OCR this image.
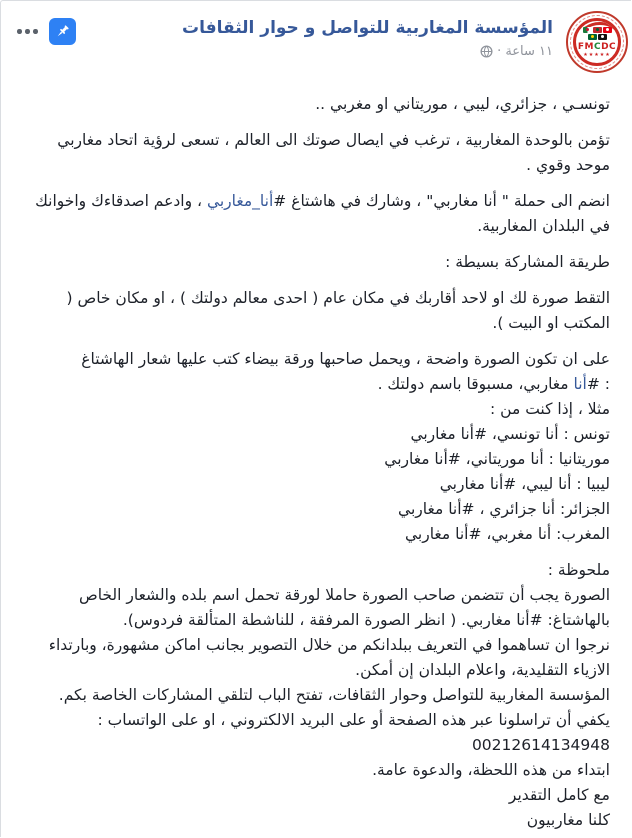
FMCDC
★★★★★
المؤسسة المغاربية للتواصل و حوار الثقافات
١١ ساعة
·
تونسـي ، جزائري، ليبي ، موريتاني او مغربي ..
تؤمن بالوحدة المغاربية ، ترغب في ايصال صوتك الى العالم ، تسعى لرؤية اتحاد مغاربي موحد وقوي .
انضم الى حملة " أنا مغاربي" ، وشارك في هاشتاغ #أنا_مغاربي ، وادعم اصدقاءك واخوانك في البلدان المغاربية.
طريقة المشاركة بسيطة :
التقط صورة لك او لاحد أقاربك في مكان عام ( احدى معالم دولتك ) ، او مكان خاص ( المكتب او البيت ).
على ان تكون الصورة واضحة ، ويحمل صاحبها ورقة بيضاء كتب عليها شعار الهاشتاغ
: #أنا مغاربي، مسبوقا باسم دولتك .
مثلا ، إذا كنت من :
تونس : أنا تونسي، #أنا مغاربي
موريتانيا : أنا موريتاني، #أنا مغاربي
ليبيا : أنا ليبي، #أنا مغاربي
الجزائر: أنا جزائري ، #أنا مغاربي
المغرب: أنا مغربي، #أنا مغاربي
ملحوظة :
الصورة يجب أن تتضمن صاحب الصورة حاملا لورقة تحمل اسم بلده والشعار الخاص بالهاشتاغ: #أنا مغاربي. ( انظر الصورة المرفقة ، للناشطة المتألقة فردوس).
نرجوا ان تساهموا في التعريف ببلدانكم من خلال التصوير بجانب اماكن مشهورة، وبارتداء الازياء التقليدية، واعلام البلدان إن أمكن.
المؤسسة المغاربية للتواصل وحوار الثقافات، تفتح الباب لتلقي المشاركات الخاصة بكم.
يكفي أن تراسلونا عبر هذه الصفحة أو على البريد الالكتروني ، او على الواتساب :
00212614134948
ابتداء من هذه اللحظة، والدعوة عامة.
مع كامل التقدير
كلنا مغاربيون
